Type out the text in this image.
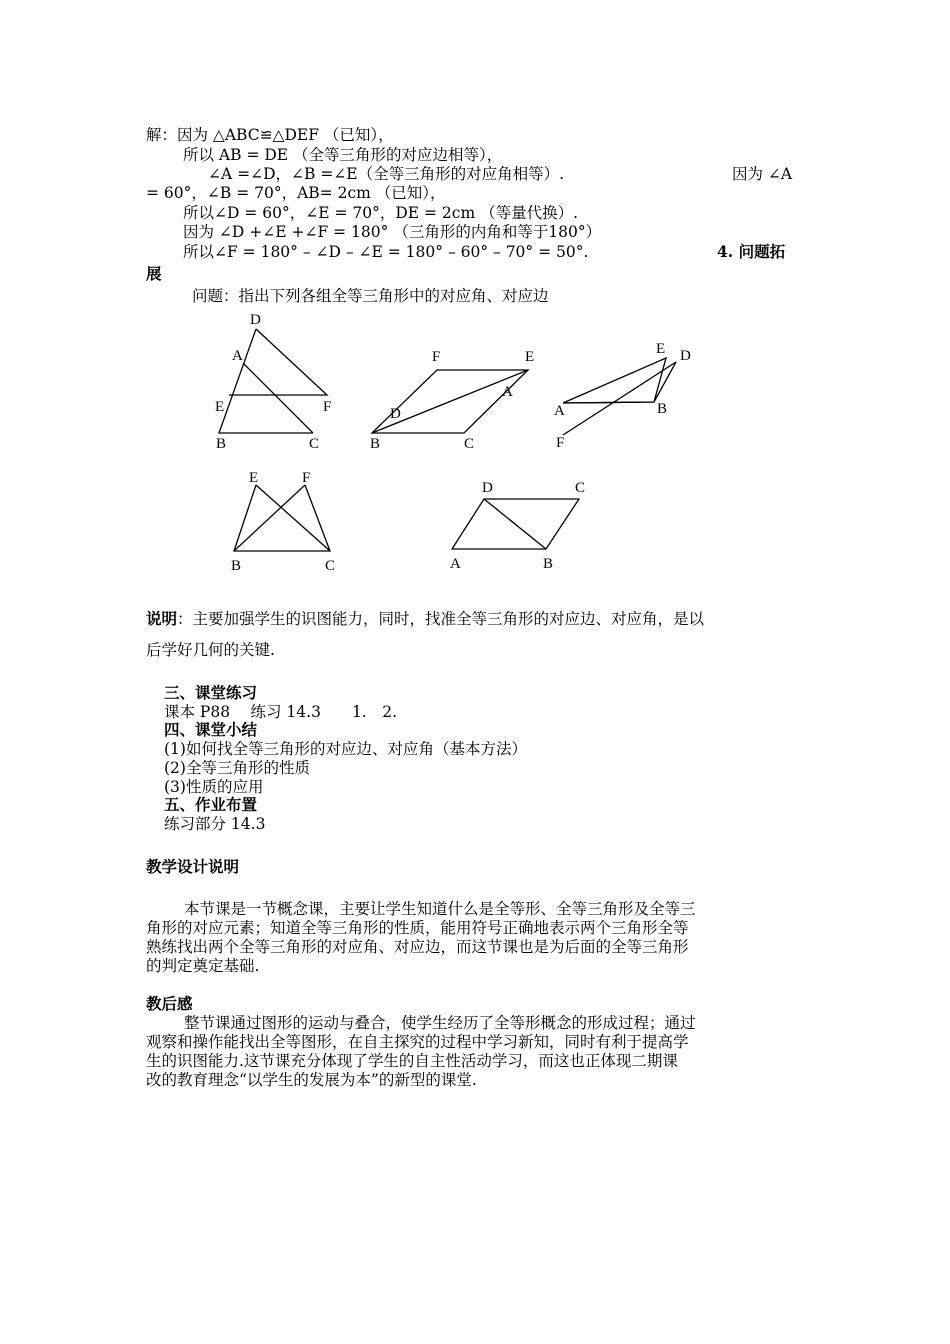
解：因为 △ABC≌△DEF （已知），
所以 AB = DE （全等三角形的对应边相等），
∠A =∠D，∠B =∠E（全等三角形的对应角相等）.	因为 ∠A
= 60°，∠B = 70°，AB= 2cm （已知），
所以∠D = 60°，∠E = 70°，DE = 2cm （等量代换）.
因为 ∠D +∠E +∠F = 180° （三角形的内角和等于180°）
所以∠F = 180° – ∠D – ∠E = 180° – 60° – 70° = 50°.	4. 问题拓
展
问题：指出下列各组全等三角形中的对应角、对应边
D
A
E	F
B	C
F	E
A
D
B	C
E D
A	B
F
E	F
B	C
D	C
A	B
说明：主要加强学生的识图能力，同时，找准全等三角形的对应边、对应角，是以
后学好几何的关键.
三、课堂练习
课本 P88　 练习 14.3　　1.　2.
四、课堂小结
(1)如何找全等三角形的对应边、对应角（基本方法）
(2)全等三角形的性质
(3)性质的应用
五、作业布置
练习部分 14.3
教学设计说明
本节课是一节概念课，主要让学生知道什么是全等形、全等三角形及全等三
角形的对应元素；知道全等三角形的性质，能用符号正确地表示两个三角形全等
熟练找出两个全等三角形的对应角、对应边，而这节课也是为后面的全等三角形
的判定奠定基础.
教后感
整节课通过图形的运动与叠合，使学生经历了全等形概念的形成过程；通过
观察和操作能找出全等图形，在自主探究的过程中学习新知，同时有利于提高学
生的识图能力.这节课充分体现了学生的自主性活动学习，而这也正体现二期课
改的教育理念“以学生的发展为本”的新型的课堂.
